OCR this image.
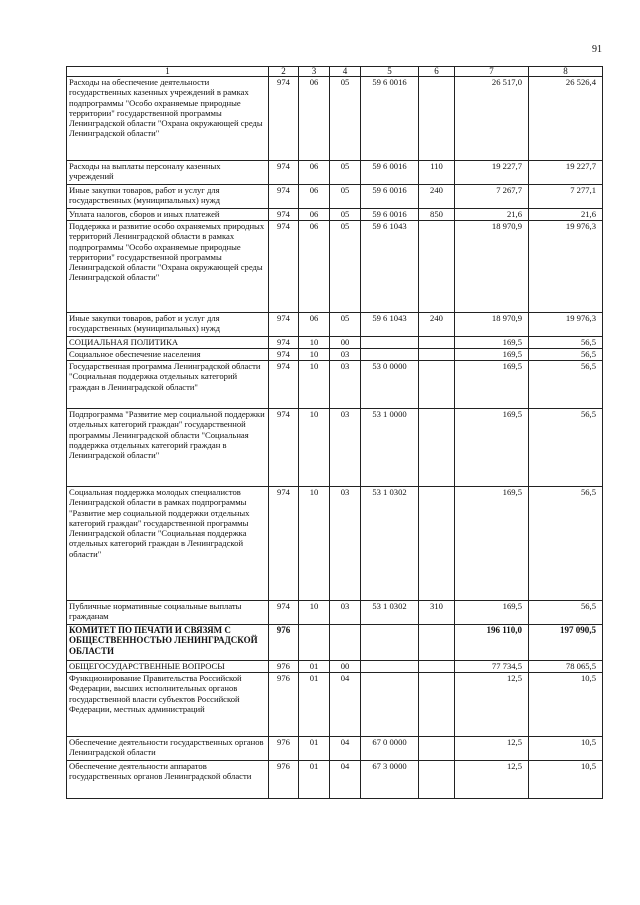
91
1	2	3	4	5	6	7	8
Расходы на обеспечение деятельности государственных казенных учреждений в рамках подпрограммы "Особо охраняемые природные территории" государственной программы Ленинградской области "Охрана окружающей среды Ленинградской области"	974	06	05	59 6 0016		26 517,0	26 526,4
Расходы на выплаты персоналу казенных учреждений	974	06	05	59 6 0016	110	19 227,7	19 227,7
Иные закупки товаров, работ и услуг для государственных (муниципальных) нужд	974	06	05	59 6 0016	240	7 267,7	7 277,1
Уплата налогов, сборов и иных платежей	974	06	05	59 6 0016	850	21,6	21,6
Поддержка и развитие особо охраняемых природных территорий Ленинградской области в рамках подпрограммы "Особо охраняемые природные территории" государственной программы Ленинградской области "Охрана окружающей среды Ленинградской области"	974	06	05	59 6 1043		18 970,9	19 976,3
Иные закупки товаров, работ и услуг для государственных (муниципальных) нужд	974	06	05	59 6 1043	240	18 970,9	19 976,3
СОЦИАЛЬНАЯ ПОЛИТИКА	974	10	00			169,5	56,5
Социальное обеспечение населения	974	10	03			169,5	56,5
Государственная программа Ленинградской области "Социальная поддержка отдельных категорий граждан в Ленинградской области"	974	10	03	53 0 0000		169,5	56,5
Подпрограмма "Развитие мер социальной поддержки отдельных категорий граждан" государственной программы Ленинградской области "Социальная поддержка отдельных категорий граждан в Ленинградской области"	974	10	03	53 1 0000		169,5	56,5
Социальная поддержка молодых специалистов Ленинградской области в рамках подпрограммы "Развитие мер социальной поддержки отдельных категорий граждан" государственной программы Ленинградской области "Социальная поддержка отдельных категорий граждан в Ленинградской области"	974	10	03	53 1 0302		169,5	56,5
Публичные нормативные социальные выплаты гражданам	974	10	03	53 1 0302	310	169,5	56,5
КОМИТЕТ ПО ПЕЧАТИ И СВЯЗЯМ С ОБЩЕСТВЕННОСТЬЮ ЛЕНИНГРАДСКОЙ ОБЛАСТИ	976					196 110,0	197 090,5
ОБЩЕГОСУДАРСТВЕННЫЕ ВОПРОСЫ	976	01	00			77 734,5	78 065,5
Функционирование Правительства Российской Федерации, высших исполнительных органов государственной власти субъектов Российской Федерации, местных администраций	976	01	04			12,5	10,5
Обеспечение деятельности государственных органов Ленинградской области	976	01	04	67 0 0000		12,5	10,5
Обеспечение деятельности аппаратов государственных органов Ленинградской области	976	01	04	67 3 0000		12,5	10,5
